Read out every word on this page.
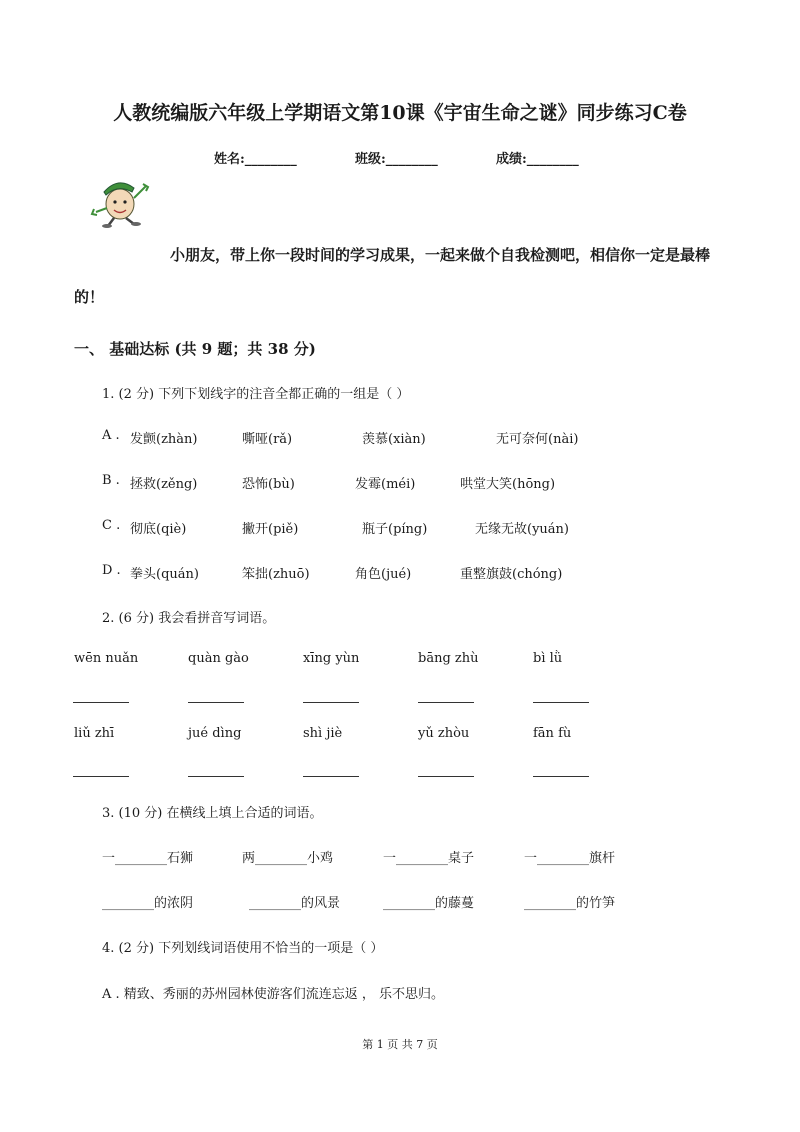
人教统编版六年级上学期语文第10课《宇宙生命之谜》同步练习C卷
姓名:________	班级:________	成绩:________
小朋友，带上你一段时间的学习成果，一起来做个自我检测吧，相信你一定是最棒
的！
一、 基础达标 (共 9 题；共 38 分)
1. (2 分) 下列下划线字的注音全都正确的一组是（ ）
A . 发颤(zhàn)	嘶哑(rǎ)	羡慕(xiàn)	无可奈何(nài)
B . 拯救(zěng)	恐怖(bù)	发霉(méi)	哄堂大笑(hōng)
C . 彻底(qiè)	撇开(piě)	瓶子(píng)	无缘无故(yuán)
D . 拳头(quán)	笨拙(zhuō)	角色(jué)	重整旗鼓(chóng)
2. (6 分) 我会看拼音写词语。
wēn nuǎn	quàn gào	xīng yùn	bāng zhù	bì lǜ
liǔ zhī	jué dìng	shì jiè	yǔ zhòu	fān fù
3. (10 分) 在横线上填上合适的词语。
一________石狮	两________小鸡	一________桌子	一________旗杆
________的浓阴	________的风景	________的藤蔓	________的竹笋
4. (2 分) 下列划线词语使用不恰当的一项是（ ）
A . 精致、秀丽的苏州园林使游客们流连忘返 ， 乐不思归。
第 1 页 共 7 页
